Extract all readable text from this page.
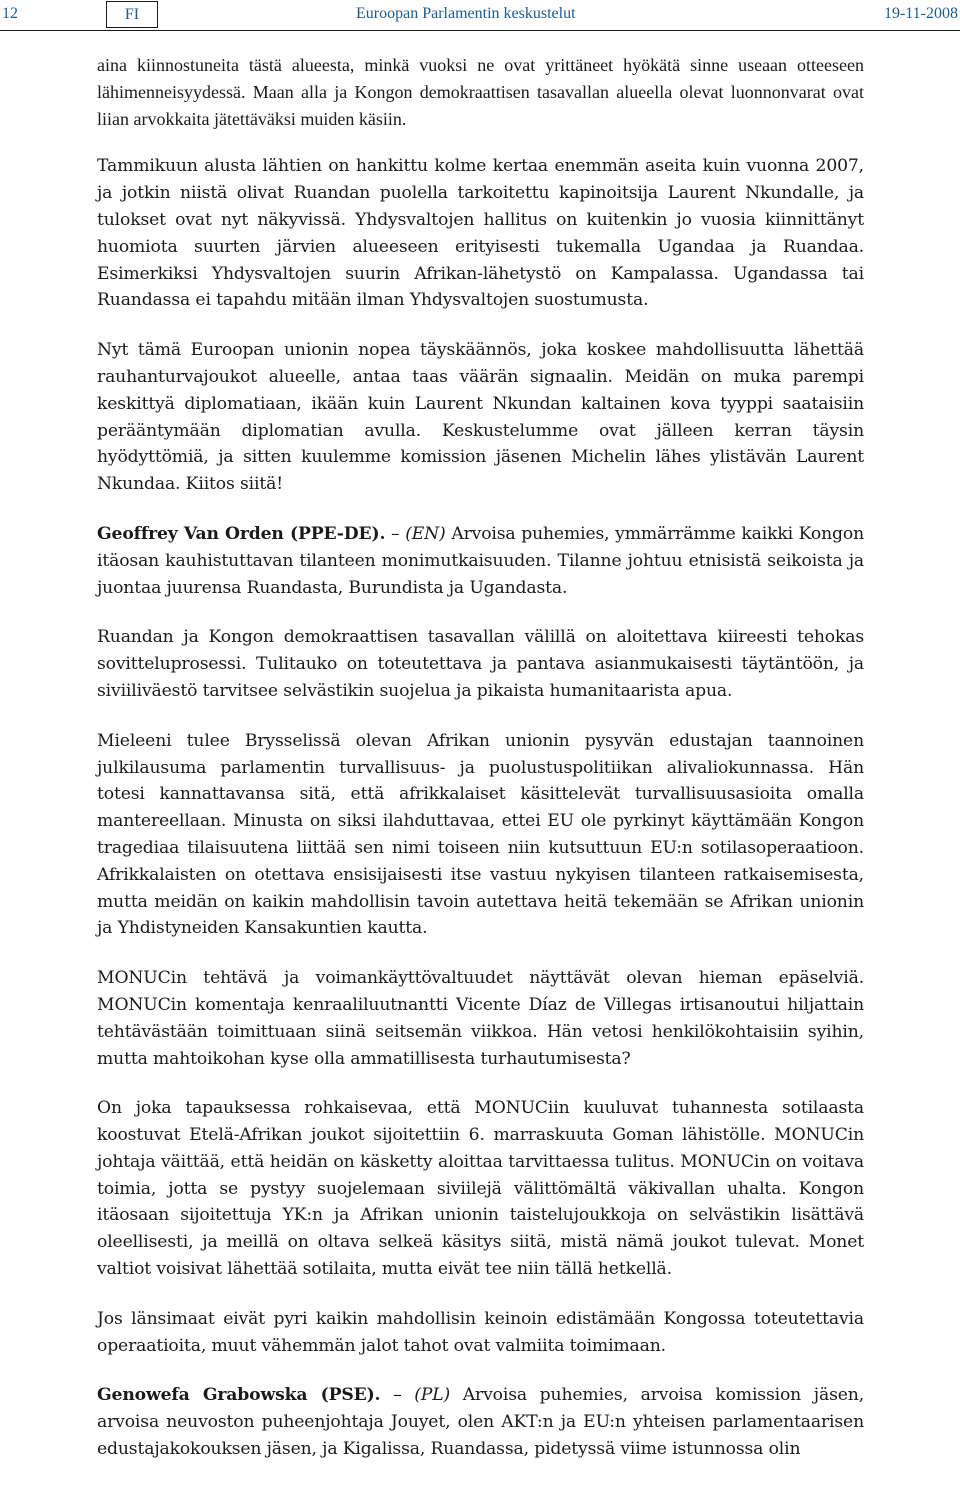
12	FI	Euroopan Parlamentin keskustelut	19-11-2008

aina kiinnostuneita tästä alueesta, minkä vuoksi ne ovat yrittäneet hyökätä sinne useaan otteeseen lähimenneisyydessä. Maan alla ja Kongon demokraattisen tasavallan alueella olevat luonnonvarat ovat liian arvokkaita jätettäväksi muiden käsiin.

Tammikuun alusta lähtien on hankittu kolme kertaa enemmän aseita kuin vuonna 2007, ja jotkin niistä olivat Ruandan puolella tarkoitettu kapinoitsija Laurent Nkundalle, ja tulokset ovat nyt näkyvissä. Yhdysvaltojen hallitus on kuitenkin jo vuosia kiinnittänyt huomiota suurten järvien alueeseen erityisesti tukemalla Ugandaa ja Ruandaa. Esimerkiksi Yhdysvaltojen suurin Afrikan-lähetystö on Kampalassa. Ugandassa tai Ruandassa ei tapahdu mitään ilman Yhdysvaltojen suostumusta.

Nyt tämä Euroopan unionin nopea täyskäännös, joka koskee mahdollisuutta lähettää rauhanturvajoukot alueelle, antaa taas väärän signaalin. Meidän on muka parempi keskittyä diplomatiaan, ikään kuin Laurent Nkundan kaltainen kova tyyppi saataisiin perääntymään diplomatian avulla. Keskustelumme ovat jälleen kerran täysin hyödyttömiä, ja sitten kuulemme komission jäsenen Michelin lähes ylistävän Laurent Nkundaa. Kiitos siitä!

Geoffrey Van Orden (PPE-DE). – (EN) Arvoisa puhemies, ymmärrämme kaikki Kongon itäosan kauhistuttavan tilanteen monimutkaisuuden. Tilanne johtuu etnisistä seikoista ja juontaa juurensa Ruandasta, Burundista ja Ugandasta.

Ruandan ja Kongon demokraattisen tasavallan välillä on aloitettava kiireesti tehokas sovitteluprosessi. Tulitauko on toteutettava ja pantava asianmukaisesti täytäntöön, ja siviiliväestö tarvitsee selvästikin suojelua ja pikaista humanitaarista apua.

Mieleeni tulee Brysselissä olevan Afrikan unionin pysyvän edustajan taannoinen julkilausuma parlamentin turvallisuus- ja puolustuspolitiikan alivaliokunnassa. Hän totesi kannattavansa sitä, että afrikkalaiset käsittelevät turvallisuusasioita omalla mantereellaan. Minusta on siksi ilahduttavaa, ettei EU ole pyrkinyt käyttämään Kongon tragediaa tilaisuutena liittää sen nimi toiseen niin kutsuttuun EU:n sotilasoperaatioon. Afrikkalaisten on otettava ensisijaisesti itse vastuu nykyisen tilanteen ratkaisemisesta, mutta meidän on kaikin mahdollisin tavoin autettava heitä tekemään se Afrikan unionin ja Yhdistyneiden Kansakuntien kautta.

MONUCin tehtävä ja voimankäyttövaltuudet näyttävät olevan hieman epäselviä. MONUCin komentaja kenraaliluutnantti Vicente Díaz de Villegas irtisanoutui hiljattain tehtävästään toimittuaan siinä seitsemän viikkoa. Hän vetosi henkilökohtaisiin syihin, mutta mahtoikohan kyse olla ammatillisesta turhautumisesta?

On joka tapauksessa rohkaisevaa, että MONUCiin kuuluvat tuhannesta sotilaasta koostuvat Etelä-Afrikan joukot sijoitettiin 6. marraskuuta Goman lähistölle. MONUCin johtaja väittää, että heidän on käsketty aloittaa tarvittaessa tulitus. MONUCin on voitava toimia, jotta se pystyy suojelemaan siviilejä välittömältä väkivallan uhalta. Kongon itäosaan sijoitettuja YK:n ja Afrikan unionin taistelujoukkoja on selvästikin lisättävä oleellisesti, ja meillä on oltava selkeä käsitys siitä, mistä nämä joukot tulevat. Monet valtiot voisivat lähettää sotilaita, mutta eivät tee niin tällä hetkellä.

Jos länsimaat eivät pyri kaikin mahdollisin keinoin edistämään Kongossa toteutettavia operaatioita, muut vähemmän jalot tahot ovat valmiita toimimaan.

Genowefa Grabowska (PSE). – (PL) Arvoisa puhemies, arvoisa komission jäsen, arvoisa neuvoston puheenjohtaja Jouyet, olen AKT:n ja EU:n yhteisen parlamentaarisen edustajakokouksen jäsen, ja Kigalissa, Ruandassa, pidetyssä viime istunnossa olin
